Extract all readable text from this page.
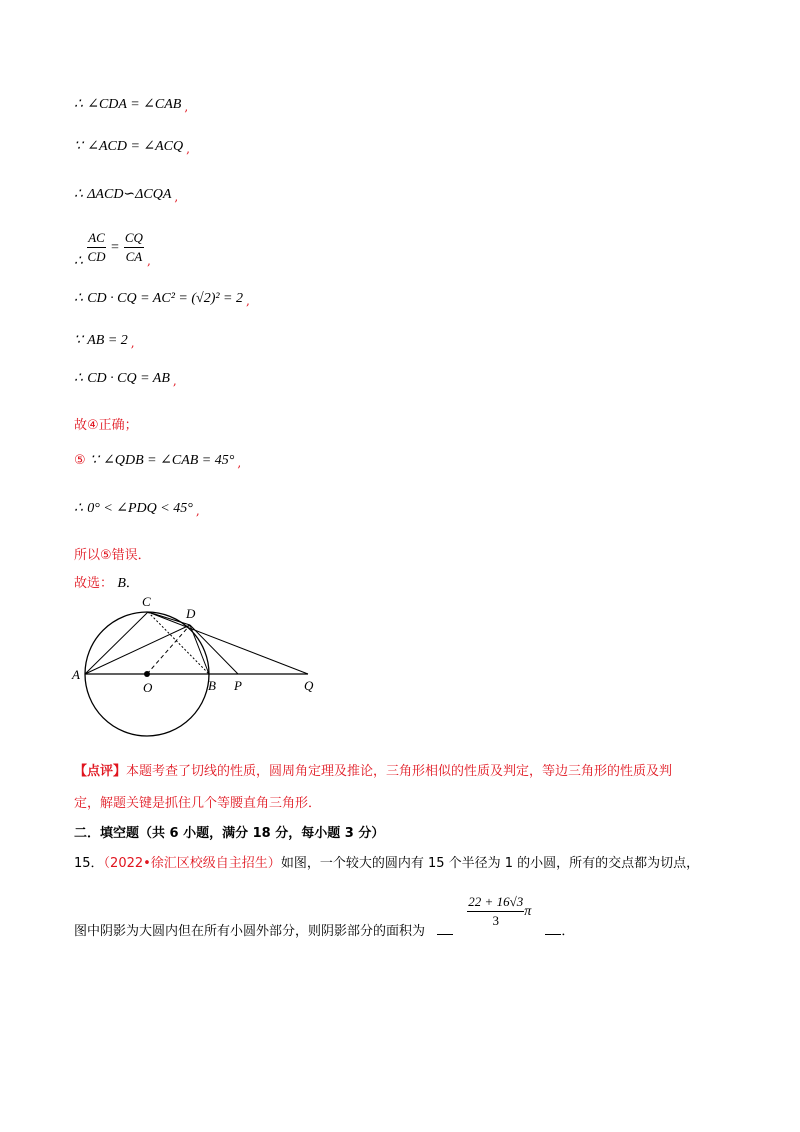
∴ ∠CDA = ∠CAB ,
∵ ∠ACD = ∠ACQ ,
∴ ΔACD∽ΔCQA ,
∴ $\frac{AC}{CD} = \frac{CQ}{CA}$ ,
∴ CD · CQ = AC² = (√2)² = 2 ,
∵ AB = 2 ,
∴ CD · CQ = AB ,
故④正确；
⑤ ∵ ∠QDB = ∠CAB = 45° ,
∴ 0° < ∠PDQ < 45° ,
所以⑤错误．
故选： B．
A
C
D
O	B P	Q
【点评】本题考查了切线的性质，圆周角定理及推论，三角形相似的性质及判定，等边三角形的性质及判
定，解题关键是抓住几个等腰直角三角形．
二．填空题（共 6 小题，满分 18 分，每小题 3 分）
15．（2022•徐汇区校级自主招生）如图，一个较大的圆内有 15 个半径为 1 的小圆，所有的交点都为切点，
图中阴影为大圆内但在所有小圆外部分，则阴影部分的面积为
$\frac{22 + 16√3}{3}$ π ．
